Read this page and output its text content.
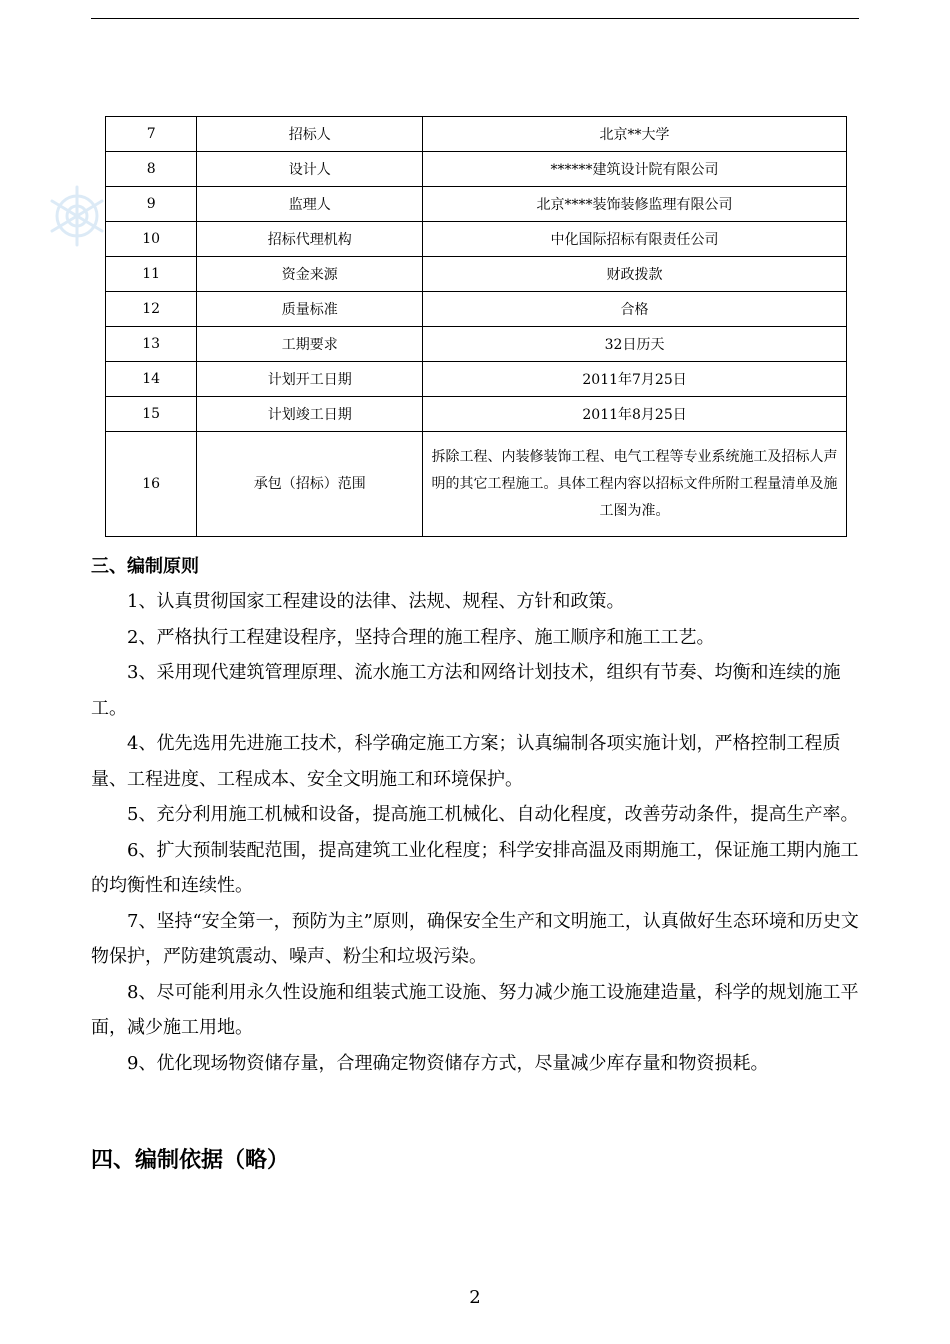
7	招标人	北京**大学
8	设计人	******建筑设计院有限公司
9	监理人	北京****装饰装修监理有限公司
10	招标代理机构	中化国际招标有限责任公司
11	资金来源	财政拨款
12	质量标准	合格
13	工期要求	32日历天
14	计划开工日期	2011年7月25日
15	计划竣工日期	2011年8月25日
16	承包（招标）范围	拆除工程、内装修装饰工程、电气工程等专业系统施工及招标人声明的其它工程施工。具体工程内容以招标文件所附工程量清单及施工图为准。
三、编制原则

1、认真贯彻国家工程建设的法律、法规、规程、方针和政策。

2、严格执行工程建设程序，坚持合理的施工程序、施工顺序和施工工艺。

3、采用现代建筑管理原理、流水施工方法和网络计划技术，组织有节奏、均衡和连续的施工。

4、优先选用先进施工技术，科学确定施工方案；认真编制各项实施计划，严格控制工程质量、工程进度、工程成本、安全文明施工和环境保护。

5、充分利用施工机械和设备，提高施工机械化、自动化程度，改善劳动条件，提高生产率。

6、扩大预制装配范围，提高建筑工业化程度；科学安排高温及雨期施工，保证施工期内施工的均衡性和连续性。

7、坚持“安全第一，预防为主”原则，确保安全生产和文明施工，认真做好生态环境和历史文物保护，严防建筑震动、噪声、粉尘和垃圾污染。

8、尽可能利用永久性设施和组装式施工设施、努力减少施工设施建造量，科学的规划施工平面，减少施工用地。

9、优化现场物资储存量，合理确定物资储存方式，尽量减少库存量和物资损耗。

四、编制依据（略）
2
